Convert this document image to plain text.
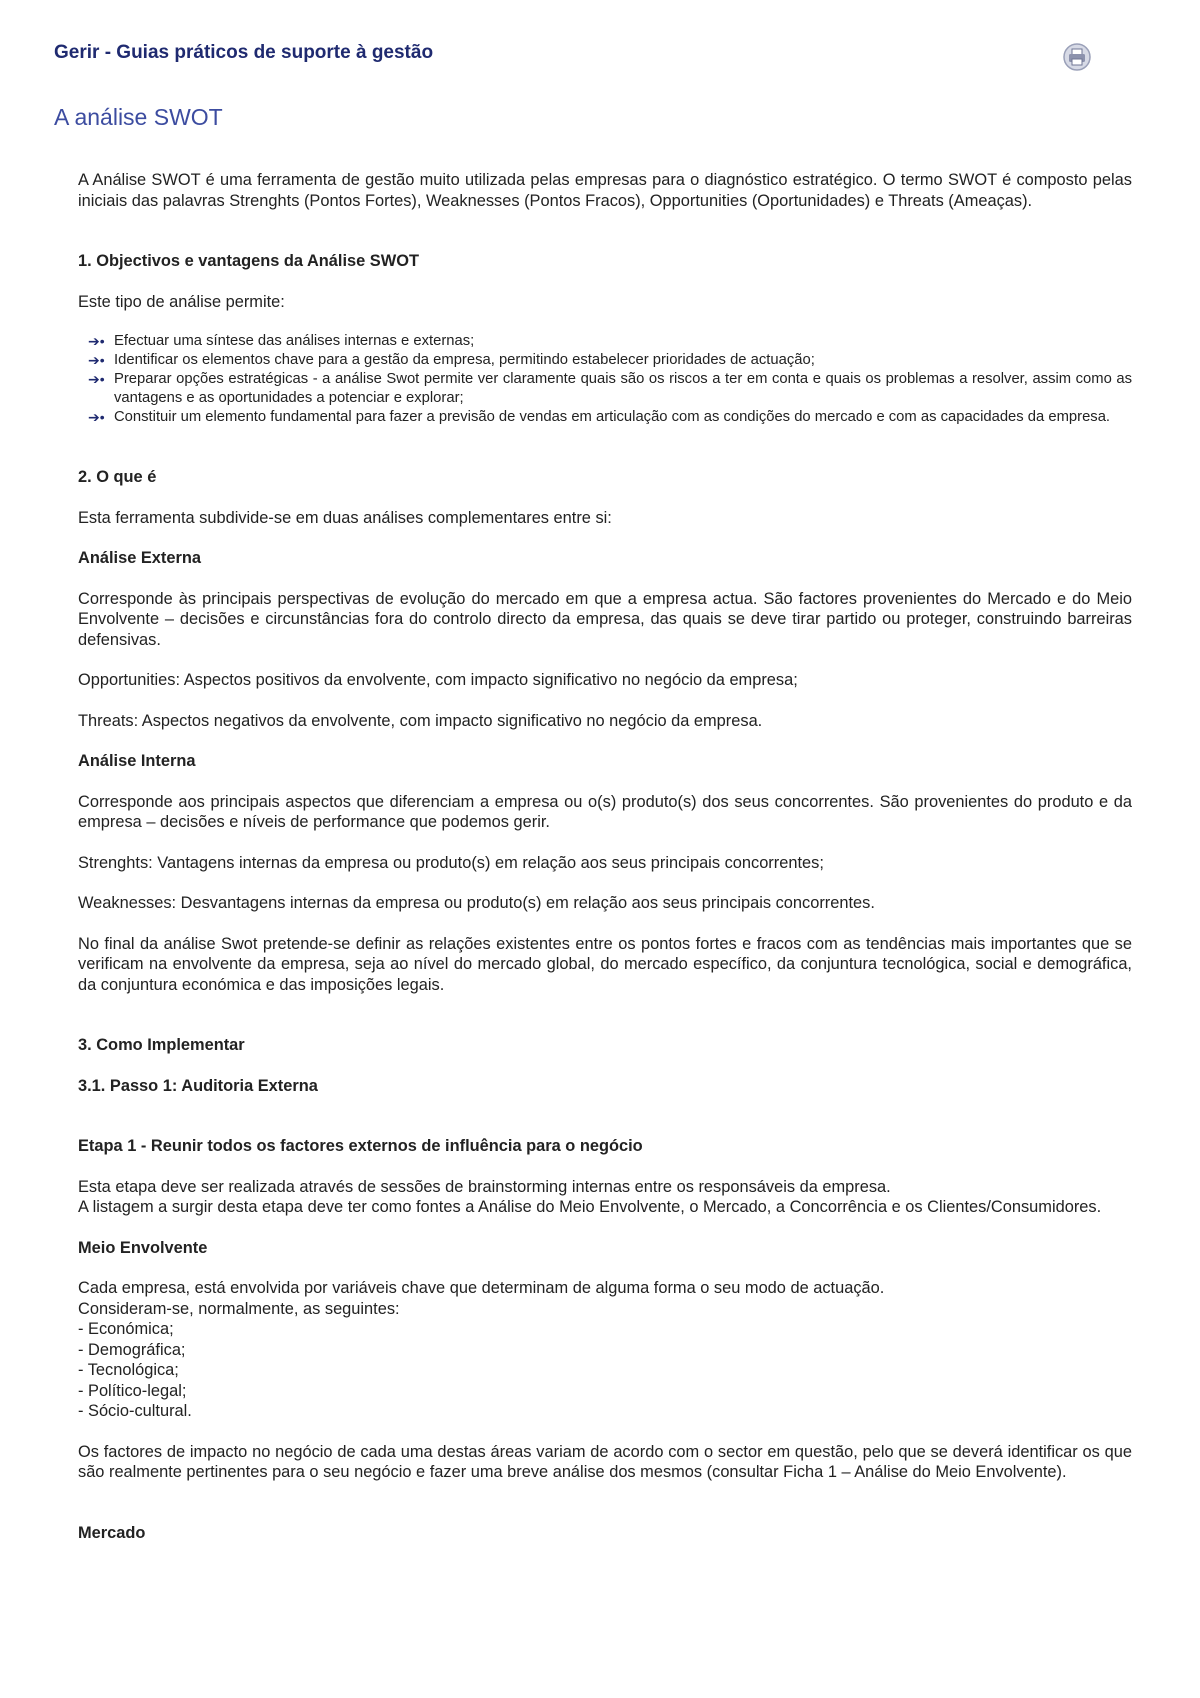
Gerir - Guias práticos de suporte à gestão
A análise SWOT

A Análise SWOT é uma ferramenta de gestão muito utilizada pelas empresas para o diagnóstico estratégico. O termo SWOT é composto pelas iniciais das palavras Strenghts (Pontos Fortes), Weaknesses (Pontos Fracos), Opportunities (Oportunidades) e Threats (Ameaças).

1. Objectivos e vantagens da Análise SWOT

Este tipo de análise permite:

➔• Efectuar uma síntese das análises internas e externas;
➔• Identificar os elementos chave para a gestão da empresa, permitindo estabelecer prioridades de actuação;
➔• Preparar opções estratégicas - a análise Swot permite ver claramente quais são os riscos a ter em conta e quais os problemas a resolver, assim como as vantagens e as oportunidades a potenciar e explorar;
➔• Constituir um elemento fundamental para fazer a previsão de vendas em articulação com as condições do mercado e com as capacidades da empresa.
2. O que é

Esta ferramenta subdivide-se em duas análises complementares entre si:

Análise Externa

Corresponde às principais perspectivas de evolução do mercado em que a empresa actua. São factores provenientes do Mercado e do Meio Envolvente – decisões e circunstâncias fora do controlo directo da empresa, das quais se deve tirar partido ou proteger, construindo barreiras defensivas.

Opportunities: Aspectos positivos da envolvente, com impacto significativo no negócio da empresa;

Threats: Aspectos negativos da envolvente, com impacto significativo no negócio da empresa.

Análise Interna

Corresponde aos principais aspectos que diferenciam a empresa ou o(s) produto(s) dos seus concorrentes. São provenientes do produto e da empresa – decisões e níveis de performance que podemos gerir.

Strenghts: Vantagens internas da empresa ou produto(s) em relação aos seus principais concorrentes;

Weaknesses: Desvantagens internas da empresa ou produto(s) em relação aos seus principais concorrentes.

No final da análise Swot pretende-se definir as relações existentes entre os pontos fortes e fracos com as tendências mais importantes que se verificam na envolvente da empresa, seja ao nível do mercado global, do mercado específico, da conjuntura tecnológica, social e demográfica, da conjuntura económica e das imposições legais.

3. Como Implementar
3.1. Passo 1: Auditoria Externa
Etapa 1 - Reunir todos os factores externos de influência para o negócio

Esta etapa deve ser realizada através de sessões de brainstorming internas entre os responsáveis da empresa.
A listagem a surgir desta etapa deve ter como fontes a Análise do Meio Envolvente, o Mercado, a Concorrência e os Clientes/Consumidores.

Meio Envolvente

Cada empresa, está envolvida por variáveis chave que determinam de alguma forma o seu modo de actuação.
Consideram-se, normalmente, as seguintes:
- Económica;
- Demográfica;
- Tecnológica;
- Político-legal;
- Sócio-cultural.

Os factores de impacto no negócio de cada uma destas áreas variam de acordo com o sector em questão, pelo que se deverá identificar os que são realmente pertinentes para o seu negócio e fazer uma breve análise dos mesmos (consultar Ficha 1 – Análise do Meio Envolvente).

Mercado
